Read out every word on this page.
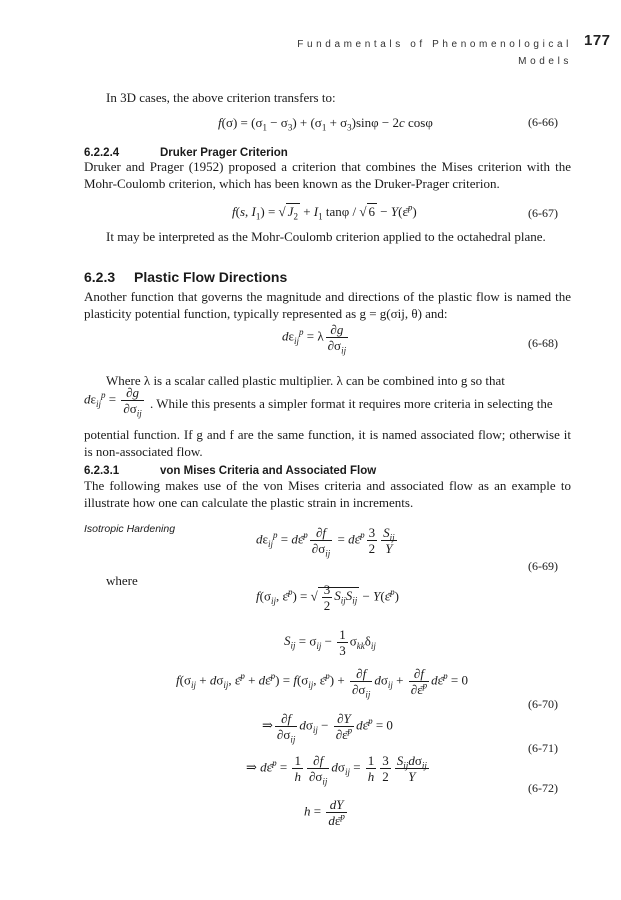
Fundamentals of Phenomenological Models
177
In 3D cases, the above criterion transfers to:
$f(\sigma) = (\sigma_1 - \sigma_3) + (\sigma_1 + \sigma_3)\sin\varphi - 2c$ cosφ	(6-66)
6.2.2.4	Druker Prager Criterion
Druker and Prager (1952) proposed a criterion that combines the Mises criterion with the Mohr-Coulomb criterion, which has been known as the Druker-Prager criterion.
f(s, $I_1$) = √ $J_2 + I_1$ tanφ / √ 6 − Y(ε̄$^p$)	(6-67)
It may be interpreted as the Mohr-Coulomb criterion applied to the octahedral plane.
6.2.3 Plastic Flow Directions
Another function that governs the magnitude and directions of the plastic flow is named the plasticity potential function, typically represented as g = g(σij, θ) and:
$d\varepsilon_{ij}^p = \lambda \frac{\partial g}{\partial\sigma_{ij}}$	(6-68)
Where λ is a scalar called plastic multiplier. λ can be combined into g so that
$d\varepsilon_{ij}^p = \frac{\partial g}{\partial\sigma_{ij}}$ . While this presents a simpler format it requires more criteria in selecting the
potential function. If g and f are the same function, it is named associated flow; otherwise it is non-associated flow.
6.2.3.1	von Mises Criteria and Associated Flow
The following makes use of the von Mises criteria and associated flow as an example to illustrate how one can calculate the plastic strain in increments.
Isotropic Hardening
$d\varepsilon_{ij}^p$ = dε̄$^p$ $\frac{\partial f}{\partial\sigma_{ij}}$ = dε̄$^p$ $\frac{3}{2} \frac{S_{ij}}{Y}$
(6-69)
where
$f(\sigma_{ij}$, ε̄$^p$) = √ $\frac{3}{2} S_{ij}S_{ij}$ − Y(ε̄$^p$)
$S_{ij} = \sigma_{ij} - \frac{1}{3} \sigma_{kk}\delta_{ij}$
$f(\sigma_{ij} + d\sigma_{ij}$, ε̄$^p$ + dε̄$^p$) = $f(\sigma_{ij}$, ε̄$^p$) + $\frac{\partial f}{\partial\sigma_{ij}} d\sigma_{ij} + \frac{\partial f}{\partial\varepsilon̄^p}$ dε̄$^p$ = 0
(6-70)
⇒ $\frac{\partial f}{\partial\sigma_{ij}} d\sigma_{ij} - \frac{\partial Y}{\partial\varepsilon̄^p}$ dε̄$^p$ = 0
(6-71)
⇒ dε̄$^p$ = $\frac{1}{h} \frac{\partial f}{\partial\sigma_{ij}} d\sigma_{ij} = \frac{1}{h} \frac{3}{2} \frac{S_{ij}d\sigma_{ij}}{Y}$
(6-72)
$h = \frac{dY}{d\varepsilon̄^p}$
